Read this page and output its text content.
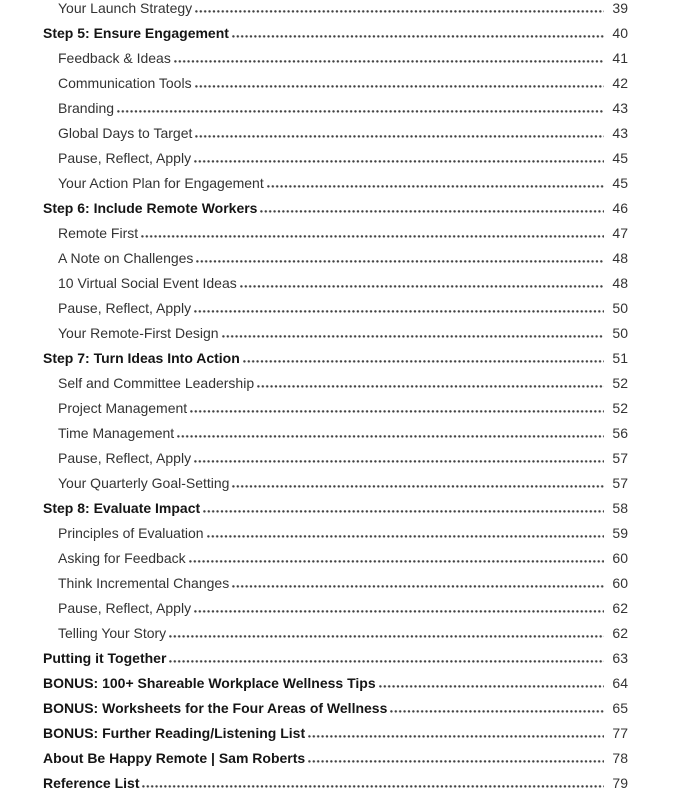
Your Launch Strategy	39
Step 5: Ensure Engagement	40
Feedback & Ideas	41
Communication Tools	42
Branding	43
Global Days to Target	43
Pause, Reflect, Apply	45
Your Action Plan for Engagement	45
Step 6: Include Remote Workers	46
Remote First	47
A Note on Challenges	48
10 Virtual Social Event Ideas	48
Pause, Reflect, Apply	50
Your Remote-First Design	50
Step 7: Turn Ideas Into Action	51
Self and Committee Leadership	52
Project Management	52
Time Management	56
Pause, Reflect, Apply	57
Your Quarterly Goal-Setting	57
Step 8: Evaluate Impact	58
Principles of Evaluation	59
Asking for Feedback	60
Think Incremental Changes	60
Pause, Reflect, Apply	62
Telling Your Story	62
Putting it Together	63
BONUS: 100+ Shareable Workplace Wellness Tips	64
BONUS: Worksheets for the Four Areas of Wellness	65
BONUS: Further Reading/Listening List	77
About Be Happy Remote | Sam Roberts	78
Reference List	79
